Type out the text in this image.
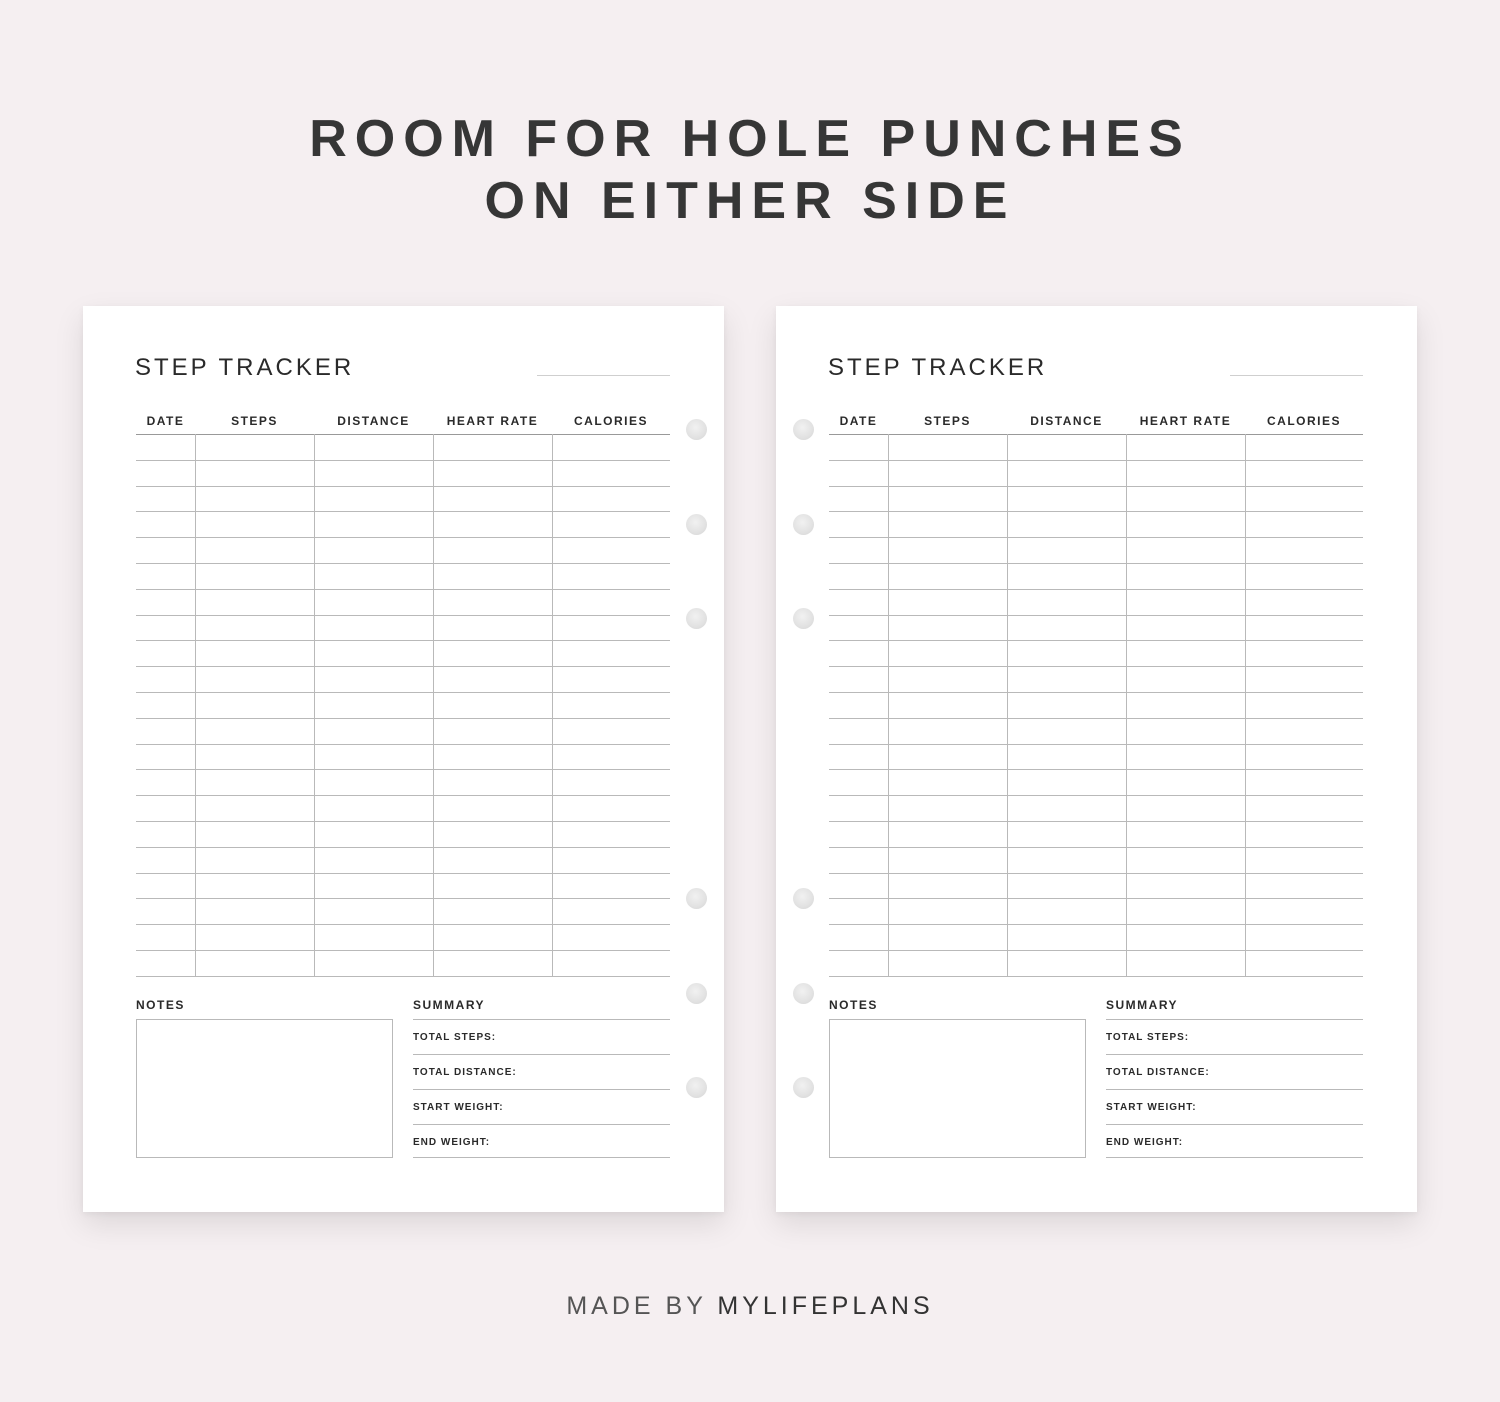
ROOM FOR HOLE PUNCHES
ON EITHER SIDE
STEP TRACKER
DATE	STEPS	DISTANCE	HEART RATE	CALORIES
NOTES	SUMMARY
TOTAL STEPS:
TOTAL DISTANCE:
START WEIGHT:
END WEIGHT:
STEP TRACKER
DATE	STEPS	DISTANCE	HEART RATE	CALORIES
NOTES	SUMMARY
TOTAL STEPS:
TOTAL DISTANCE:
START WEIGHT:
END WEIGHT:
MADE BY MYLIFEPLANS
